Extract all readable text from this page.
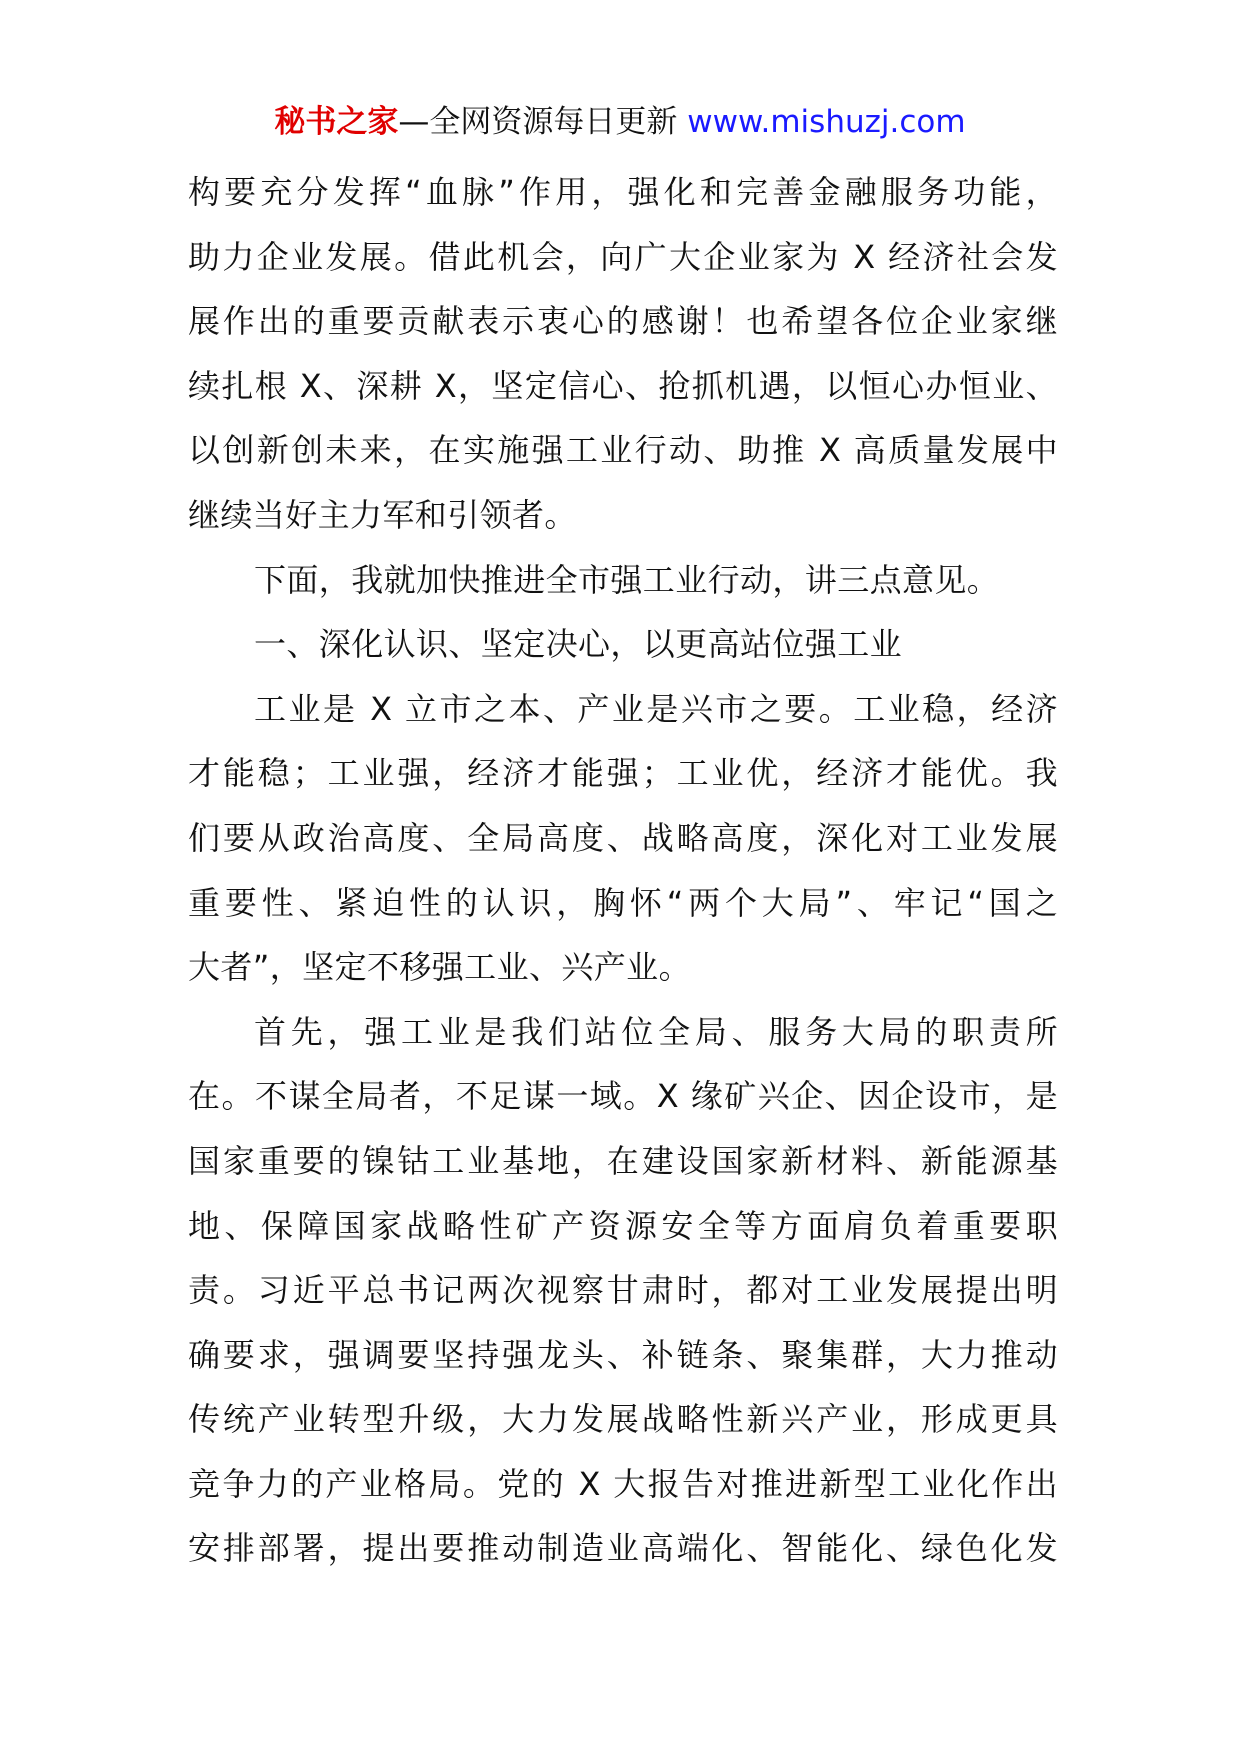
秘书之家—全网资源每日更新 www.mishuzj.com
构要充分发挥“血脉”作用，强化和完善金融服务功能，
助力企业发展。借此机会，向广大企业家为 X 经济社会发
展作出的重要贡献表示衷心的感谢！也希望各位企业家继
续扎根 X、深耕 X，坚定信心、抢抓机遇，以恒心办恒业、
以创新创未来，在实施强工业行动、助推 X 高质量发展中
继续当好主力军和引领者。
下面，我就加快推进全市强工业行动，讲三点意见。
一、深化认识、坚定决心，以更高站位强工业
工业是 X 立市之本、产业是兴市之要。工业稳，经济
才能稳；工业强，经济才能强；工业优，经济才能优。我
们要从政治高度、全局高度、战略高度，深化对工业发展
重要性、紧迫性的认识，胸怀“两个大局”、牢记“国之
大者”，坚定不移强工业、兴产业。
首先，强工业是我们站位全局、服务大局的职责所
在。不谋全局者，不足谋一域。X 缘矿兴企、因企设市，是
国家重要的镍钴工业基地，在建设国家新材料、新能源基
地、保障国家战略性矿产资源安全等方面肩负着重要职
责。习近平总书记两次视察甘肃时，都对工业发展提出明
确要求，强调要坚持强龙头、补链条、聚集群，大力推动
传统产业转型升级，大力发展战略性新兴产业，形成更具
竞争力的产业格局。党的 X 大报告对推进新型工业化作出
安排部署，提出要推动制造业高端化、智能化、绿色化发
